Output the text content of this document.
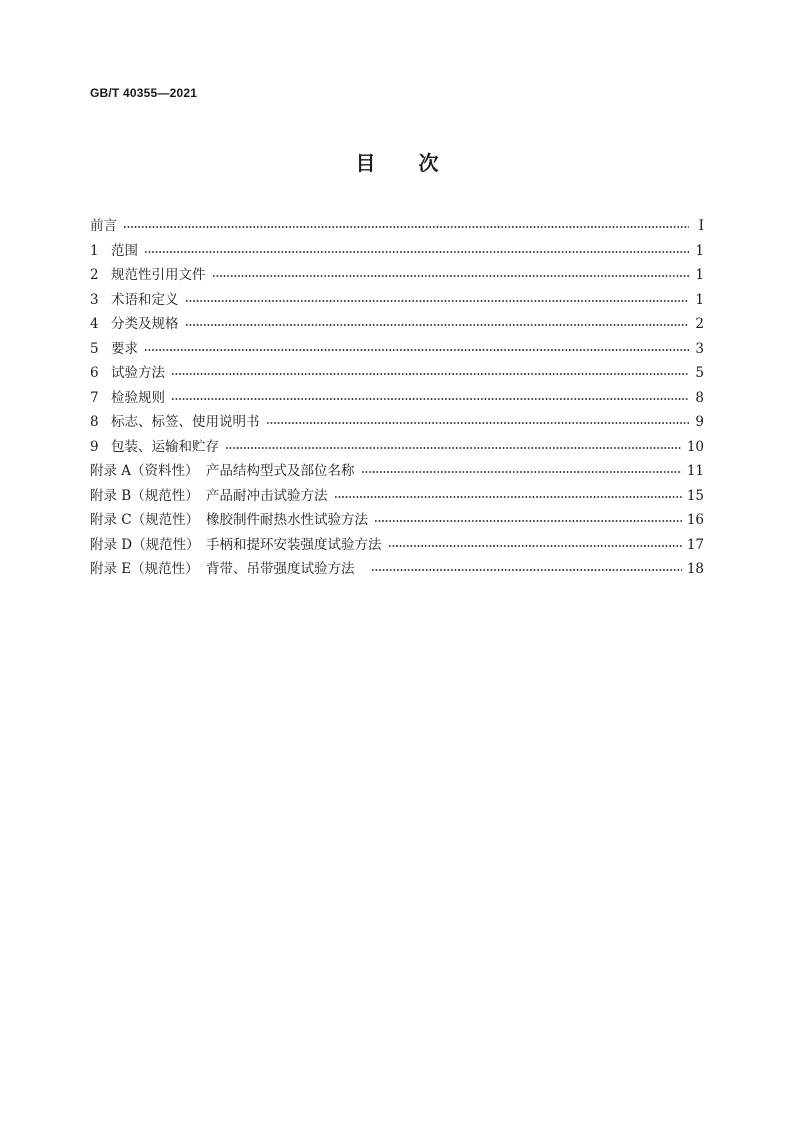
GB/T 40355—2021
目 次
前言	Ⅰ
1 范围	1
2 规范性引用文件	1
3 术语和定义	1
4 分类及规格	2
5 要求	3
6 试验方法	5
7 检验规则	8
8 标志、标签、使用说明书	9
9 包装、运输和贮存	10
附录 A（资料性） 产品结构型式及部位名称	11
附录 B（规范性） 产品耐冲击试验方法	15
附录 C（规范性） 橡胶制件耐热水性试验方法	16
附录 D（规范性） 手柄和提环安装强度试验方法	17
附录 E（规范性） 背带、吊带强度试验方法	18
